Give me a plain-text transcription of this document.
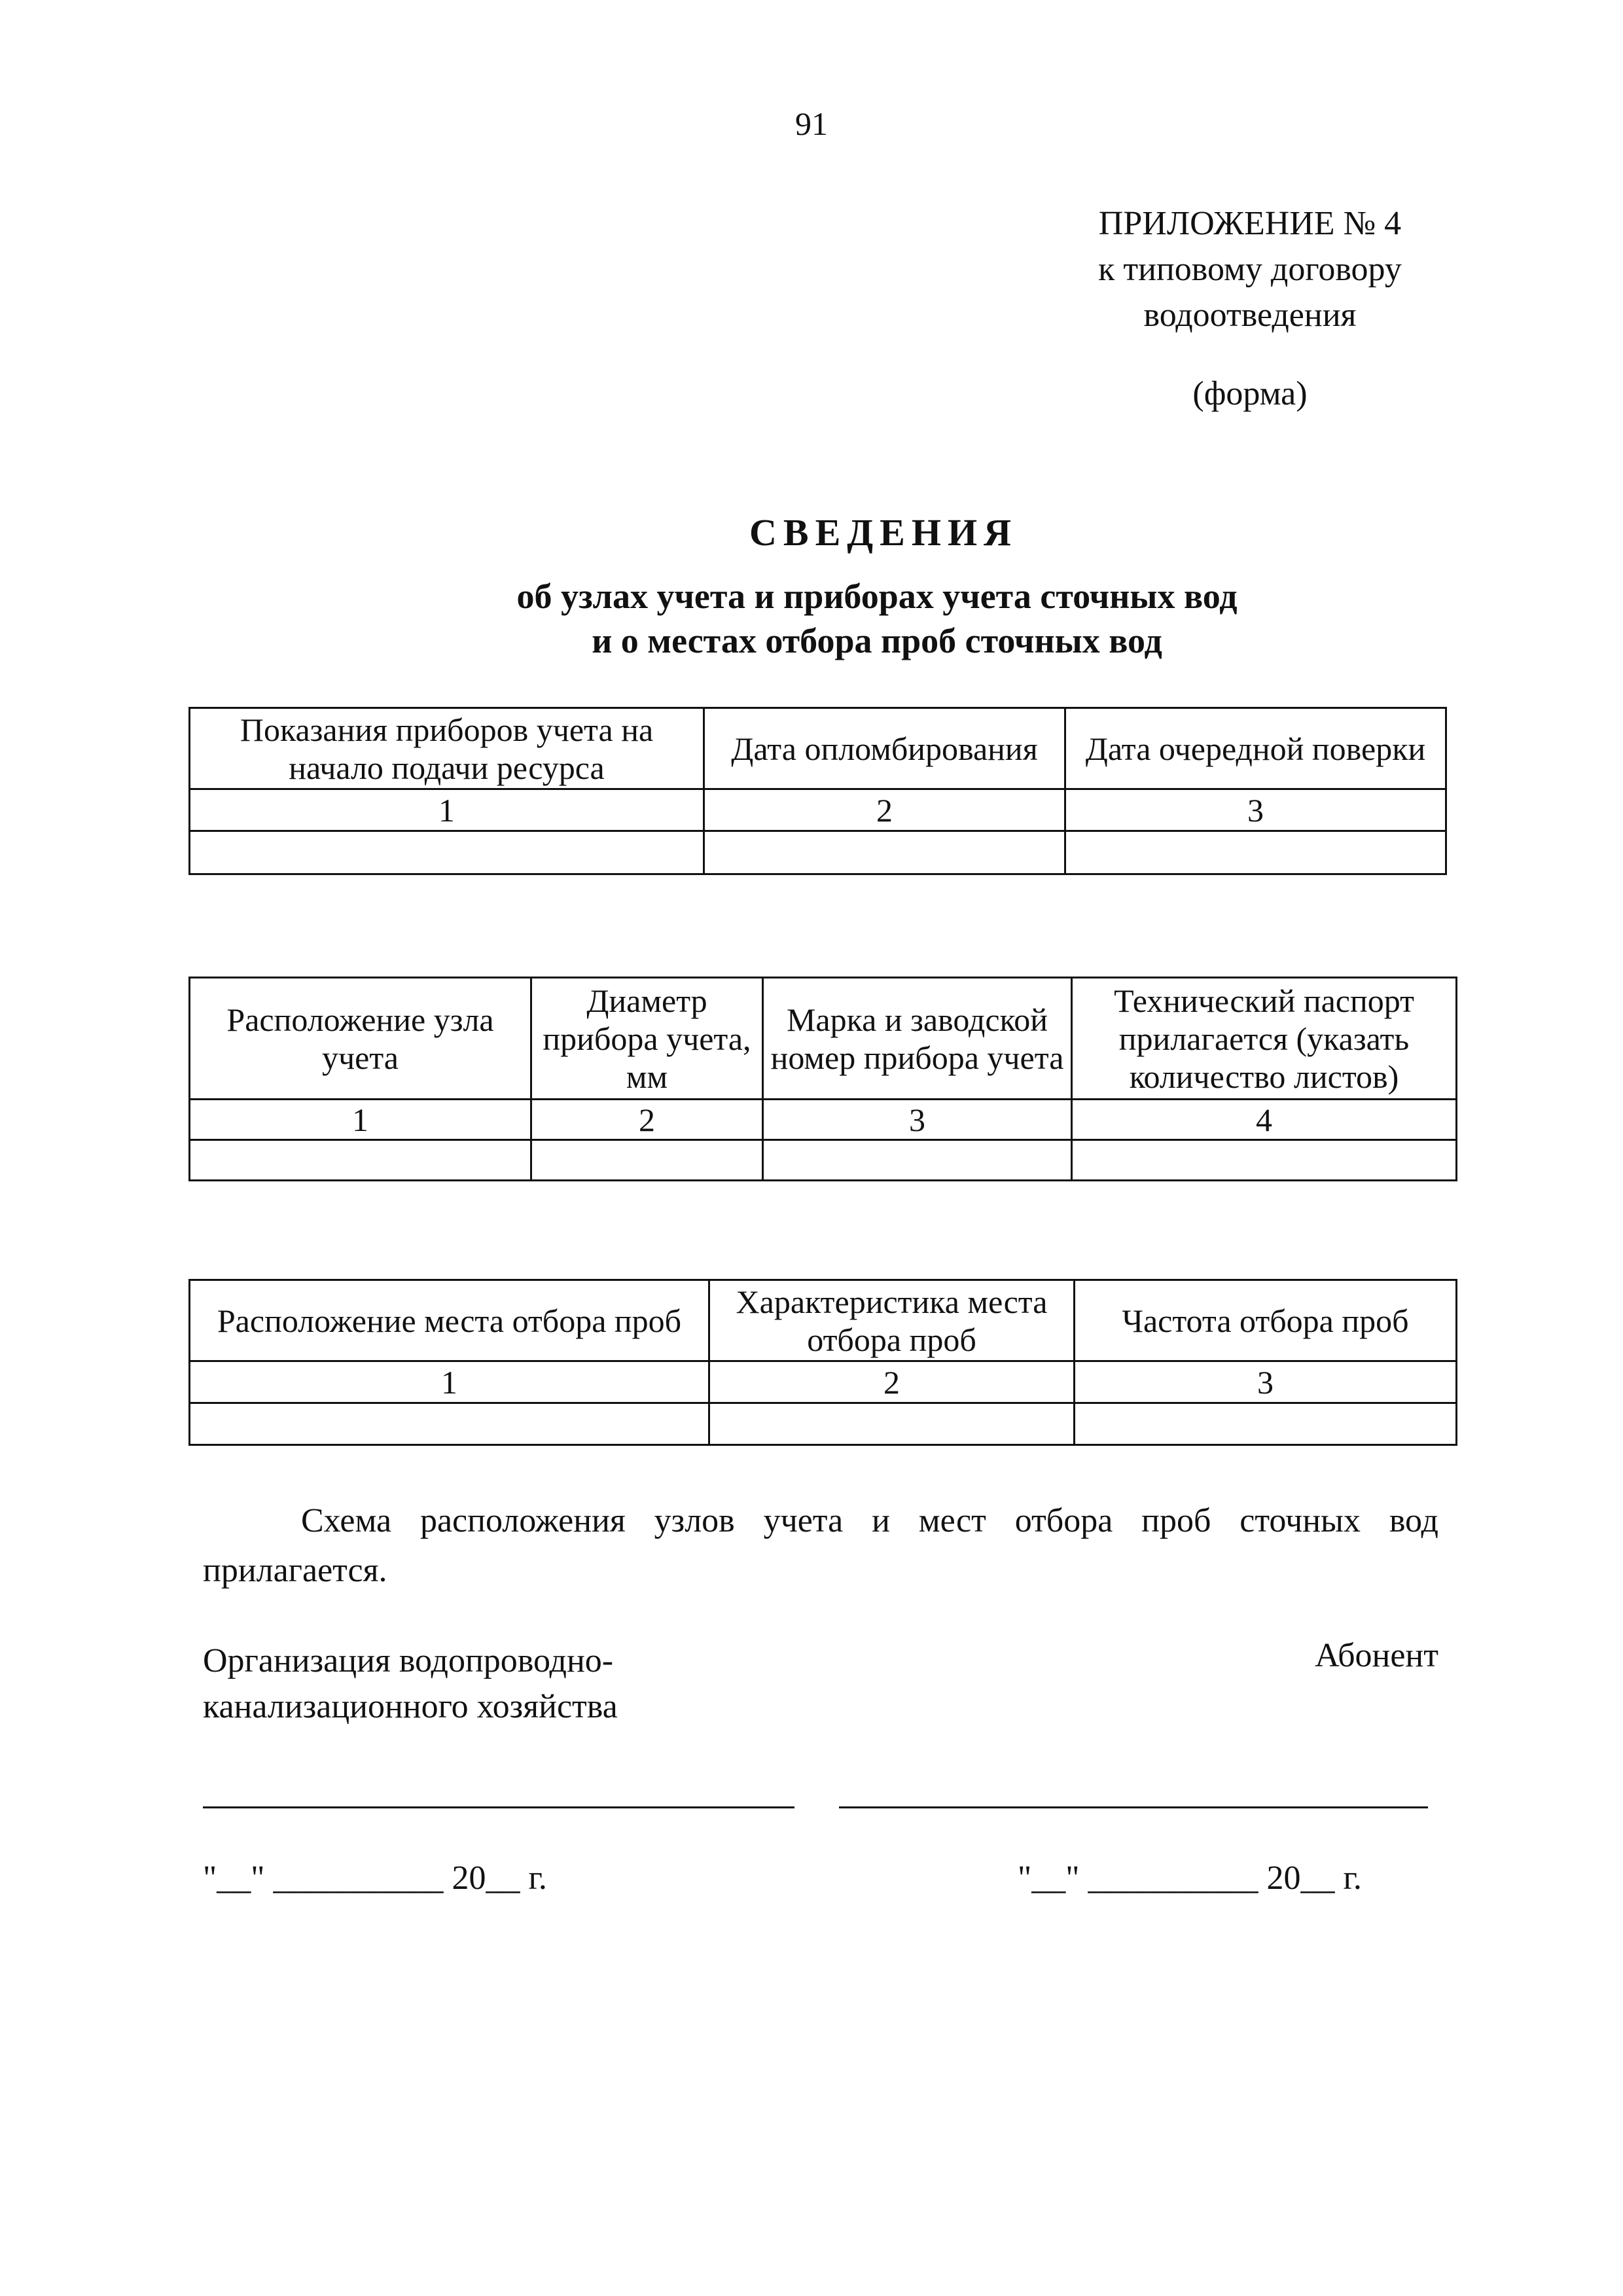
91
ПРИЛОЖЕНИЕ № 4
к типовому договору
водоотведения
(форма)
СВЕДЕНИЯ
об узлах учета и приборах учета сточных вод
и о местах отбора проб сточных вод
Показания приборов учета на начало подачи ресурса	Дата опломбирования	Дата очередной поверки
1	2	3

Расположение узла учета	Диаметр прибора учета, мм	Марка и заводской номер прибора учета	Технический паспорт прилагается (указать количество листов)
1	2	3	4

Расположение места отбора проб	Характеристика места отбора проб	Частота отбора проб
1	2	3

Схема расположения узлов учета и мест отбора проб сточных вод прилагается.
Организация водопроводно-
канализационного хозяйства
Абонент
"__" __________ 20__ г.	"__" __________ 20__ г.
